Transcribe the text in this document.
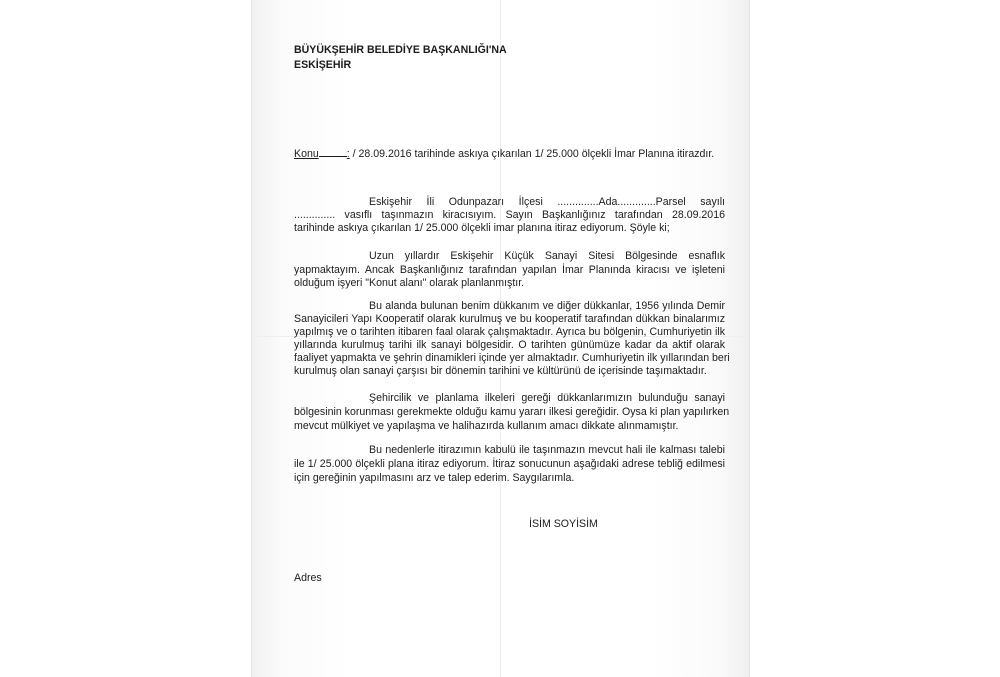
BÜYÜKŞEHİR BELEDİYE BAŞKANLIĞI'NA
ESKİŞEHİR
Konu	: / 28.09.2016 tarihinde askıya çıkarılan 1/ 25.000 ölçekli İmar Planına itirazdır.
Eskişehir İli Odunpazarı İlçesi ..............Ada.............Parsel sayılı
.............. vasıflı taşınmazın kiracısıyım. Sayın Başkanlığınız tarafından 28.09.2016
tarihinde askıya çıkarılan 1/ 25.000 ölçekli imar planına itiraz ediyorum. Şöyle ki;
Uzun yıllardır Eskişehir Küçük Sanayi Sitesi Bölgesinde esnaflık
yapmaktayım. Ancak Başkanlığınız tarafından yapılan İmar Planında kiracısı ve işleteni
olduğum işyeri "Konut alanı" olarak planlanmıştır.
Bu alanda bulunan benim dükkanım ve diğer dükkanlar, 1956 yılında Demir
Sanayicileri Yapı Kooperatif olarak kurulmuş ve bu kooperatif tarafından dükkan binalarımız
yapılmış ve o tarihten itibaren faal olarak çalışmaktadır. Ayrıca bu bölgenin, Cumhuriyetin ilk
yıllarında kurulmuş tarihi ilk sanayi bölgesidir. O tarihten günümüze kadar da aktif olarak
faaliyet yapmakta ve şehrin dinamikleri içinde yer almaktadır. Cumhuriyetin ilk yıllarından beri
kurulmuş olan sanayi çarşısı bir dönemin tarihini ve kültürünü de içerisinde taşımaktadır.
Şehircilik ve planlama ilkeleri gereği dükkanlarımızın bulunduğu sanayi
bölgesinin korunması gerekmekte olduğu kamu yararı ilkesi gereğidir. Oysa ki plan yapılırken
mevcut mülkiyet ve yapılaşma ve halihazırda kullanım amacı dikkate alınmamıştır.
Bu nedenlerle itirazımın kabulü ile taşınmazın mevcut hali ile kalması talebi
ile 1/ 25.000 ölçekli plana itiraz ediyorum. İtiraz sonucunun aşağıdaki adrese tebliğ edilmesi
için gereğinin yapılmasını arz ve talep ederim. Saygılarımla.
İSİM SOYİSİM
Adres
